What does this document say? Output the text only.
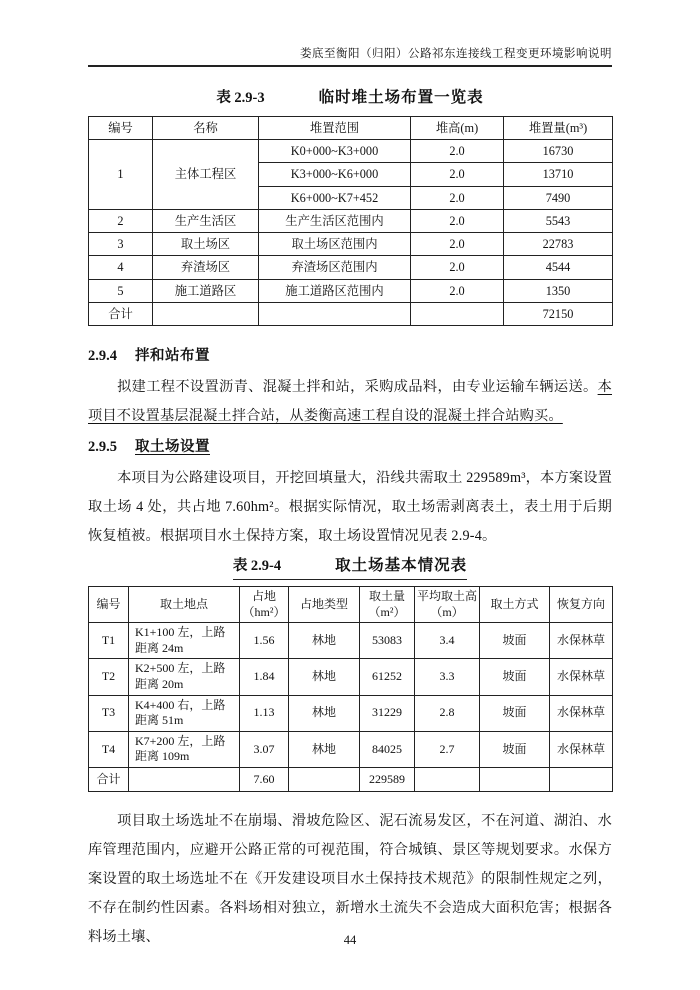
娄底至衡阳（归阳）公路祁东连接线工程变更环境影响说明
表 2.9-3	临时堆土场布置一览表
编号	名称	堆置范围	堆高(m)	堆置量(m³)
1	主体工程区	K0+000~K3+000	2.0	16730
		K3+000~K6+000	2.0	13710
		K6+000~K7+452	2.0	7490
2	生产生活区	生产生活区范围内	2.0	5543
3	取土场区	取土场区范围内	2.0	22783
4	弃渣场区	弃渣场区范围内	2.0	4544
5	施工道路区	施工道路区范围内	2.0	1350
合计				72150
2.9.4 拌和站布置
拟建工程不设置沥青、混凝土拌和站，采购成品料，由专业运输车辆运送。本项目不设置基层混凝土拌合站，从娄衡高速工程自设的混凝土拌合站购买。
2.9.5 取土场设置
本项目为公路建设项目，开挖回填量大，沿线共需取土 229589m³，本方案设置取土场 4 处，共占地 7.60hm²。根据实际情况，取土场需剥离表土，表土用于后期恢复植被。根据项目水土保持方案，取土场设置情况见表 2.9-4。
表 2.9-4	取土场基本情况表
编号	取土地点	占地（hm²）	占地类型	取土量（m²）	平均取土高（m）	取土方式	恢复方向
T1	K1+100 左，上路距离 24m	1.56	林地	53083	3.4	坡面	水保林草
T2	K2+500 左，上路距离 20m	1.84	林地	61252	3.3	坡面	水保林草
T3	K4+400 右，上路距离 51m	1.13	林地	31229	2.8	坡面	水保林草
T4	K7+200 左，上路距离 109m	3.07	林地	84025	2.7	坡面	水保林草
合计		7.60		229589			
项目取土场选址不在崩塌、滑坡危险区、泥石流易发区，不在河道、湖泊、水库管理范围内，应避开公路正常的可视范围，符合城镇、景区等规划要求。水保方案设置的取土场选址不在《开发建设项目水土保持技术规范》的限制性规定之列，不存在制约性因素。各料场相对独立，新增水土流失不会造成大面积危害；根据各料场土壤、	44
